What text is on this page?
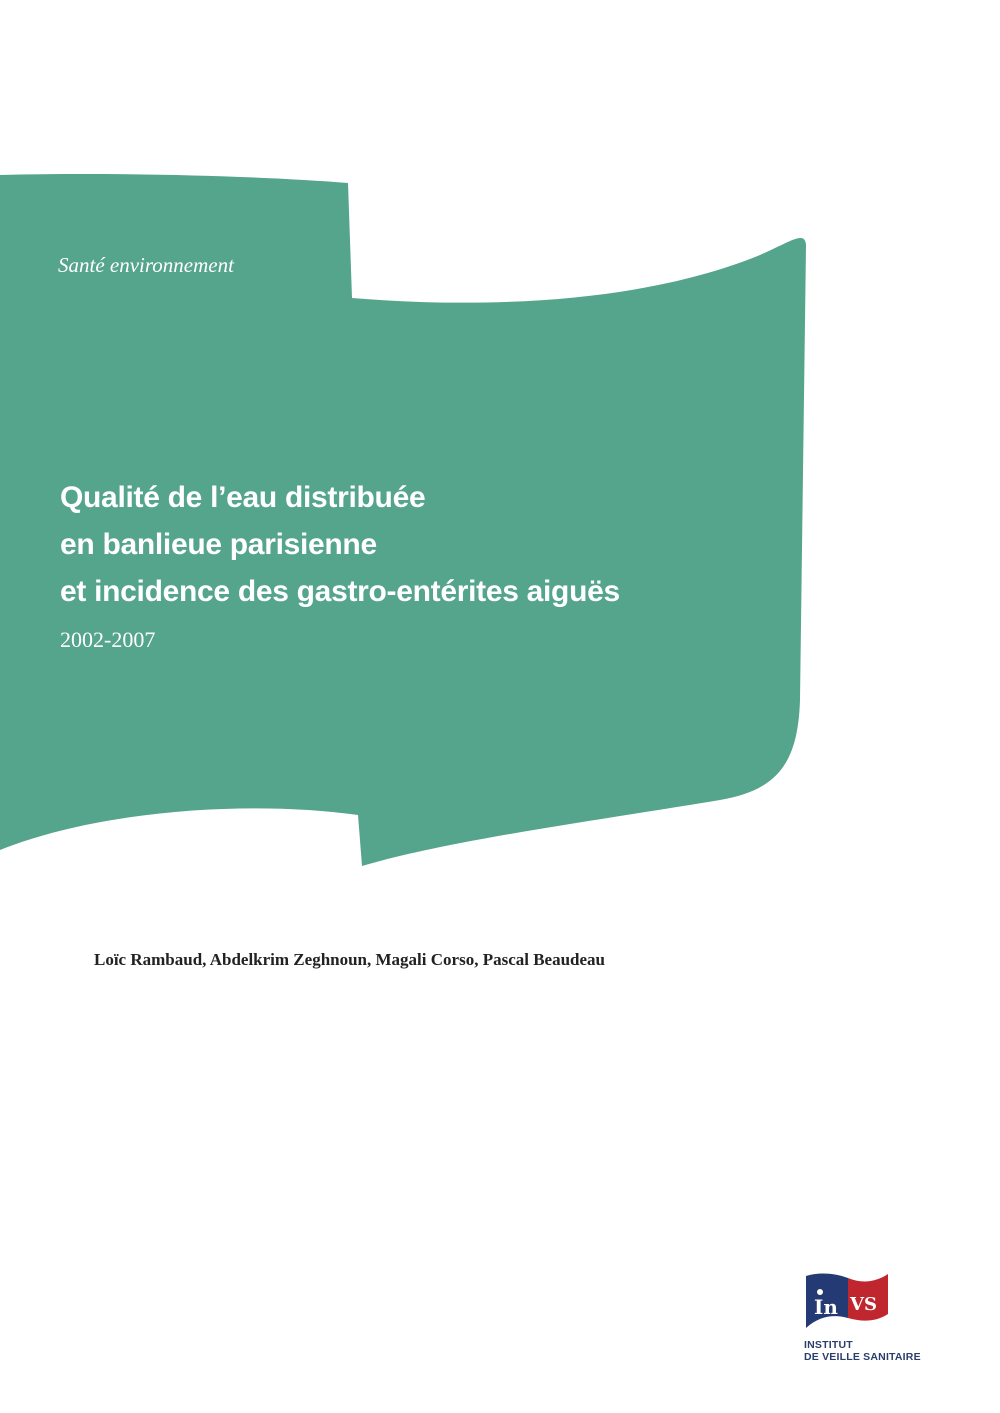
Santé environnement
Qualité de l’eau distribuée
en banlieue parisienne
et incidence des gastro-entérites aiguës
2002-2007
Loïc Rambaud, Abdelkrim Zeghnoun, Magali Corso, Pascal Beaudeau
In VS
INSTITUT
DE VEILLE SANITAIRE
